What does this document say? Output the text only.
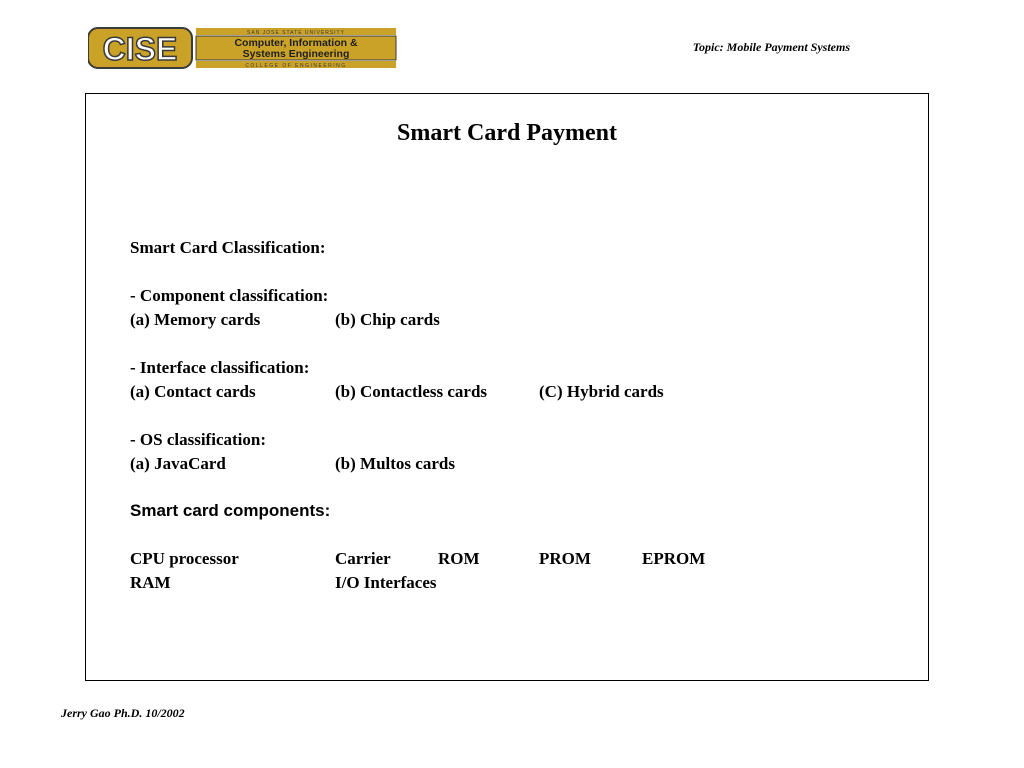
CISE	SAN JOSE STATE UNIVERSITY
Computer, Information &
Systems Engineering
COLLEGE OF ENGINEERING
Topic: Mobile Payment Systems
Smart Card Payment
Smart Card Classification:
- Component classification:
(a) Memory cards	(b) Chip cards
- Interface classification:
(a) Contact cards	(b) Contactless cards	(C) Hybrid cards
- OS classification:
(a) JavaCard	(b) Multos cards
Smart card components:
CPU processor	Carrier	ROM	PROM	EPROM
RAM	I/O Interfaces
Jerry Gao Ph.D. 10/2002
